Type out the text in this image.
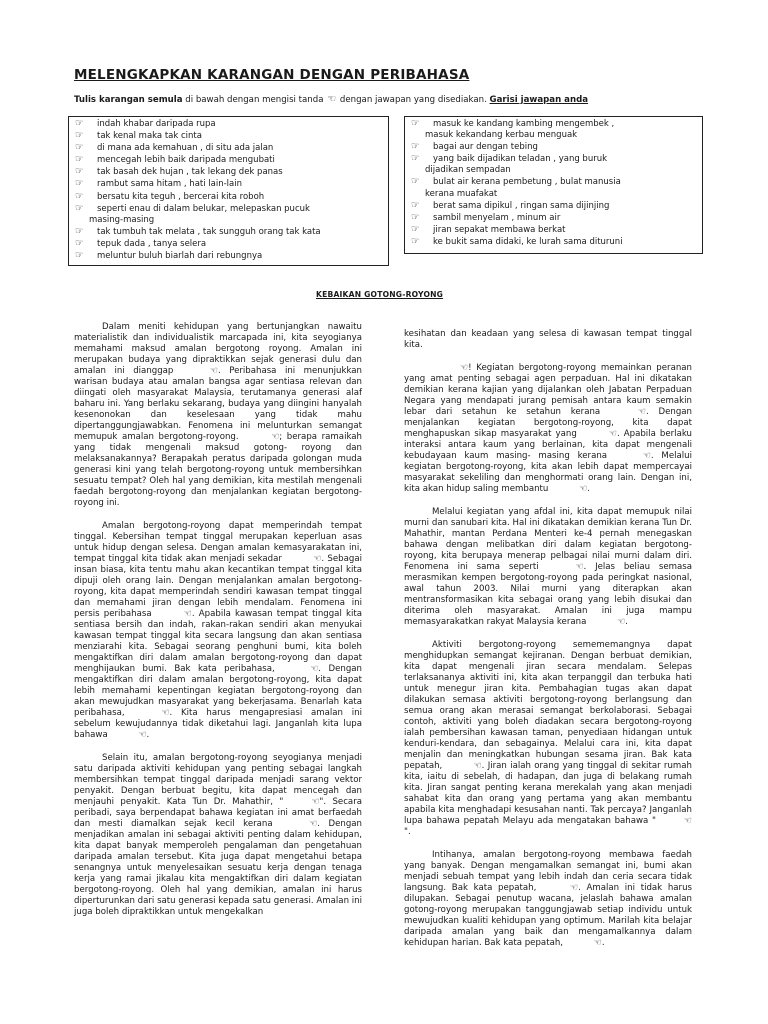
MELENGKAPKAN KARANGAN DENGAN PERIBAHASA
Tulis karangan semula di bawah dengan mengisi tanda ☜ dengan jawapan yang disediakan. Garisi jawapan anda
☞ indah khabar daripada rupa
☞ tak kenal maka tak cinta
☞ di mana ada kemahuan , di situ ada jalan
☞ mencegah lebih baik daripada mengubati
☞ tak basah dek hujan , tak lekang dek panas
☞ rambut sama hitam , hati lain-lain
☞ bersatu kita teguh , bercerai kita roboh
☞ seperti enau di dalam belukar, melepaskan pucuk
masing-masing
☞ tak tumbuh tak melata , tak sungguh orang tak kata
☞ tepuk dada , tanya selera
☞ meluntur buluh biarlah dari rebungnya
☞ masuk ke kandang kambing mengembek ,
masuk kekandang kerbau menguak
☞ bagai aur dengan tebing
☞ yang baik dijadikan teladan , yang buruk
dijadikan sempadan
☞ bulat air kerana pembetung , bulat manusia
kerana muafakat
☞ berat sama dipikul , ringan sama dijinjing
☞ sambil menyelam , minum air
☞ jiran sepakat membawa berkat
☞ ke bukit sama didaki, ke lurah sama dituruni
KEBAIKAN GOTONG-ROYONG

Dalam meniti kehidupan yang bertunjangkan nawaitu materialistik dan individualistik marcapada ini, kita seyogianya memahami maksud amalan bergotong royong. Amalan ini merupakan budaya yang dipraktikkan sejak generasi dulu dan amalan ini dianggap	☜. Peribahasa ini menunjukkan warisan budaya atau amalan bangsa agar sentiasa relevan dan diingati oleh masyarakat Malaysia, terutamanya generasi alaf baharu ini. Yang berlaku sekarang, budaya yang diingini hanyalah kesenonokan dan keselesaan yang tidak mahu dipertanggungjawabkan. Fenomena ini melunturkan semangat memupuk amalan bergotong-royong.	☜; berapa ramaikah yang tidak mengenali maksud gotong- royong dan melaksanakannya? Berapakah peratus daripada golongan muda generasi kini yang telah bergotong-royong untuk membersihkan sesuatu tempat? Oleh hal yang demikian, kita mestilah mengenali faedah bergotong-royong dan menjalankan kegiatan bergotong-royong ini.

Amalan bergotong-royong dapat memperindah tempat tinggal. Kebersihan tempat tinggal merupakan keperluan asas untuk hidup dengan selesa. Dengan amalan kemasyarakatan ini, tempat tinggal kita tidak akan menjadi sekadar	☜. Sebagai insan biasa, kita tentu mahu akan kecantikan tempat tinggal kita dipuji oleh orang lain. Dengan menjalankan amalan bergotong-royong, kita dapat memperindah sendiri kawasan tempat tinggal dan memahami jiran dengan lebih mendalam. Fenomena ini persis peribahasa	☜. Apabila kawasan tempat tinggal kita sentiasa bersih dan indah, rakan-rakan sendiri akan menyukai kawasan tempat tinggal kita secara langsung dan akan sentiasa menziarahi kita. Sebagai seorang penghuni bumi, kita boleh mengaktifkan diri dalam amalan bergotong-royong dan dapat menghijaukan bumi. Bak kata peribahasa,	☜. Dengan mengaktifkan diri dalam amalan bergotong-royong, kita dapat lebih memahami kepentingan kegiatan bergotong-royong dan akan mewujudkan masyarakat yang bekerjasama. Benarlah kata peribahasa,	☜. Kita harus mengapresiasi amalan ini sebelum kewujudannya tidak diketahui lagi. Janganlah kita lupa bahawa	☜.

Selain itu, amalan bergotong-royong seyogianya menjadi satu daripada aktiviti kehidupan yang penting sebagai langkah membersihkan tempat tinggal daripada menjadi sarang vektor penyakit. Dengan berbuat begitu, kita dapat mencegah dan menjauhi penyakit. Kata Tun Dr. Mahathir, "	☜". Secara peribadi, saya berpendapat bahawa kegiatan ini amat berfaedah dan mesti diamalkan sejak kecil kerana	☜. Dengan menjadikan amalan ini sebagai aktiviti penting dalam kehidupan, kita dapat banyak memperoleh pengalaman dan pengetahuan daripada amalan tersebut. Kita juga dapat mengetahui betapa senangnya untuk menyelesaikan sesuatu kerja dengan tenaga kerja yang ramai jikalau kita mengaktifkan diri dalam kegiatan bergotong-royong. Oleh hal yang demikian, amalan ini harus diperturunkan dari satu generasi kepada satu generasi. Amalan ini juga boleh dipraktikkan untuk mengekalkan

kesihatan dan keadaan yang selesa di kawasan tempat tinggal kita.

☜! Kegiatan bergotong-royong memainkan peranan yang amat penting sebagai agen perpaduan. Hal ini dikatakan demikian kerana kajian yang dijalankan oleh Jabatan Perpaduan Negara yang mendapati jurang pemisah antara kaum semakin lebar dari setahun ke setahun kerana	☜. Dengan menjalankan kegiatan bergotong-royong, kita dapat menghapuskan sikap masyarakat yang	☜. Apabila berlaku interaksi antara kaum yang berlainan, kita dapat mengenali kebudayaan kaum masing- masing kerana	☜. Melalui kegiatan bergotong-royong, kita akan lebih dapat mempercayai masyarakat sekeliling dan menghormati orang lain. Dengan ini, kita akan hidup saling membantu	☜.

Melalui kegiatan yang afdal ini, kita dapat memupuk nilai murni dan sanubari kita. Hal ini dikatakan demikian kerana Tun Dr. Mahathir, mantan Perdana Menteri ke-4 pernah menegaskan bahawa dengan melibatkan diri dalam kegiatan bergotong-royong, kita berupaya menerap pelbagai nilai murni dalam diri. Fenomena ini sama seperti	☜. Jelas beliau semasa merasmikan kempen bergotong-royong pada peringkat nasional, awal tahun 2003. Nilai murni yang diterapkan akan mentransformasikan kita sebagai orang yang lebih disukai dan diterima oleh masyarakat. Amalan ini juga mampu memasyarakatkan rakyat Malaysia kerana	☜.

Aktiviti bergotong-royong semememangnya dapat menghidupkan semangat kejiranan. Dengan berbuat demikian, kita dapat mengenali jiran secara mendalam. Selepas terlaksananya aktiviti ini, kita akan terpanggil dan terbuka hati untuk menegur jiran kita. Pembahagian tugas akan dapat dilakukan semasa aktiviti bergotong-royong berlangsung dan semua orang akan merasai semangat berkolaborasi. Sebagai contoh, aktiviti yang boleh diadakan secara bergotong-royong ialah pembersihan kawasan taman, penyediaan hidangan untuk kenduri-kendara, dan sebagainya. Melalui cara ini, kita dapat menjalin dan meningkatkan hubungan sesama jiran. Bak kata pepatah,	☜. Jiran ialah orang yang tinggal di sekitar rumah kita, iaitu di sebelah, di hadapan, dan juga di belakang rumah kita. Jiran sangat penting kerana merekalah yang akan menjadi sahabat kita dan orang yang pertama yang akan membantu apabila kita menghadapi kesusahan nanti. Tak percaya? Janganlah lupa bahawa pepatah Melayu ada mengatakan bahawa "	☜".

Intihanya, amalan bergotong-royong membawa faedah yang banyak. Dengan mengamalkan semangat ini, bumi akan menjadi sebuah tempat yang lebih indah dan ceria secara tidak langsung. Bak kata pepatah,	☜. Amalan ini tidak harus dilupakan. Sebagai penutup wacana, jelaslah bahawa amalan gotong-royong merupakan tanggungjawab setiap individu untuk mewujudkan kualiti kehidupan yang optimum. Marilah kita belajar daripada amalan yang baik dan mengamalkannya dalam kehidupan harian. Bak kata pepatah,	☜.
